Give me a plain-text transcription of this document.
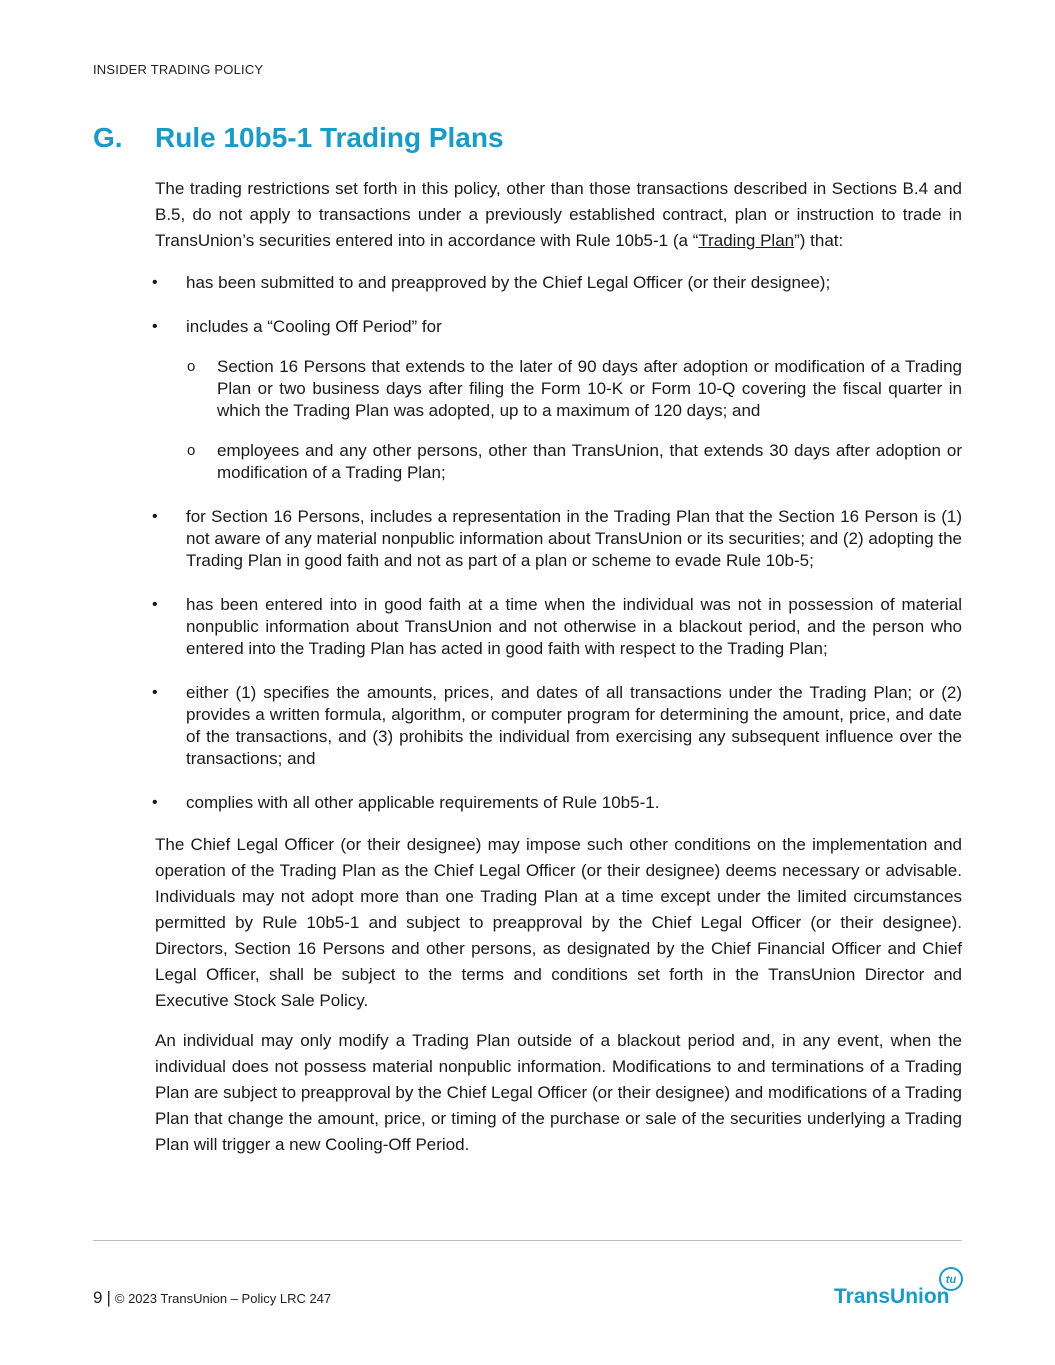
INSIDER TRADING POLICY
G. Rule 10b5-1 Trading Plans

The trading restrictions set forth in this policy, other than those transactions described in Sections B.4 and B.5, do not apply to transactions under a previously established contract, plan or instruction to trade in TransUnion’s securities entered into in accordance with Rule 10b5-1 (a “Trading Plan”) that:

• has been submitted to and preapproved by the Chief Legal Officer (or their designee);
• includes a “Cooling Off Period” for
o Section 16 Persons that extends to the later of 90 days after adoption or modification of a Trading Plan or two business days after filing the Form 10-K or Form 10-Q covering the fiscal quarter in which the Trading Plan was adopted, up to a maximum of 120 days; and
o employees and any other persons, other than TransUnion, that extends 30 days after adoption or modification of a Trading Plan;
• for Section 16 Persons, includes a representation in the Trading Plan that the Section 16 Person is (1) not aware of any material nonpublic information about TransUnion or its securities; and (2) adopting the Trading Plan in good faith and not as part of a plan or scheme to evade Rule 10b-5;
• has been entered into in good faith at a time when the individual was not in possession of material nonpublic information about TransUnion and not otherwise in a blackout period, and the person who entered into the Trading Plan has acted in good faith with respect to the Trading Plan;
• either (1) specifies the amounts, prices, and dates of all transactions under the Trading Plan; or (2) provides a written formula, algorithm, or computer program for determining the amount, price, and date of the transactions, and (3) prohibits the individual from exercising any subsequent influence over the transactions; and
• complies with all other applicable requirements of Rule 10b5-1.

The Chief Legal Officer (or their designee) may impose such other conditions on the implementation and operation of the Trading Plan as the Chief Legal Officer (or their designee) deems necessary or advisable. Individuals may not adopt more than one Trading Plan at a time except under the limited circumstances permitted by Rule 10b5-1 and subject to preapproval by the Chief Legal Officer (or their designee). Directors, Section 16 Persons and other persons, as designated by the Chief Financial Officer and Chief Legal Officer, shall be subject to the terms and conditions set forth in the TransUnion Director and Executive Stock Sale Policy.

An individual may only modify a Trading Plan outside of a blackout period and, in any event, when the individual does not possess material nonpublic information. Modifications to and terminations of a Trading Plan are subject to preapproval by the Chief Legal Officer (or their designee) and modifications of a Trading Plan that change the amount, price, or timing of the purchase or sale of the securities underlying a Trading Plan will trigger a new Cooling-Off Period.

9 | © 2023 TransUnion – Policy LRC 247	TransUnion
tu
